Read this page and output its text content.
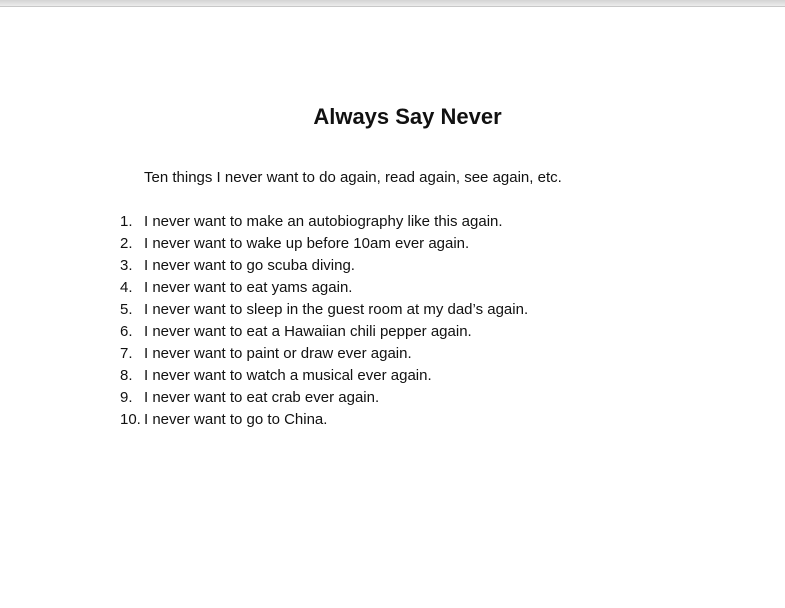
Always Say Never

Ten things I never want to do again, read again, see again, etc.

1. I never want to make an autobiography like this again.
2. I never want to wake up before 10am ever again.
3. I never want to go scuba diving.
4. I never want to eat yams again.
5. I never want to sleep in the guest room at my dad’s again.
6. I never want to eat a Hawaiian chili pepper again.
7. I never want to paint or draw ever again.
8. I never want to watch a musical ever again.
9. I never want to eat crab ever again.
10. I never want to go to China.
